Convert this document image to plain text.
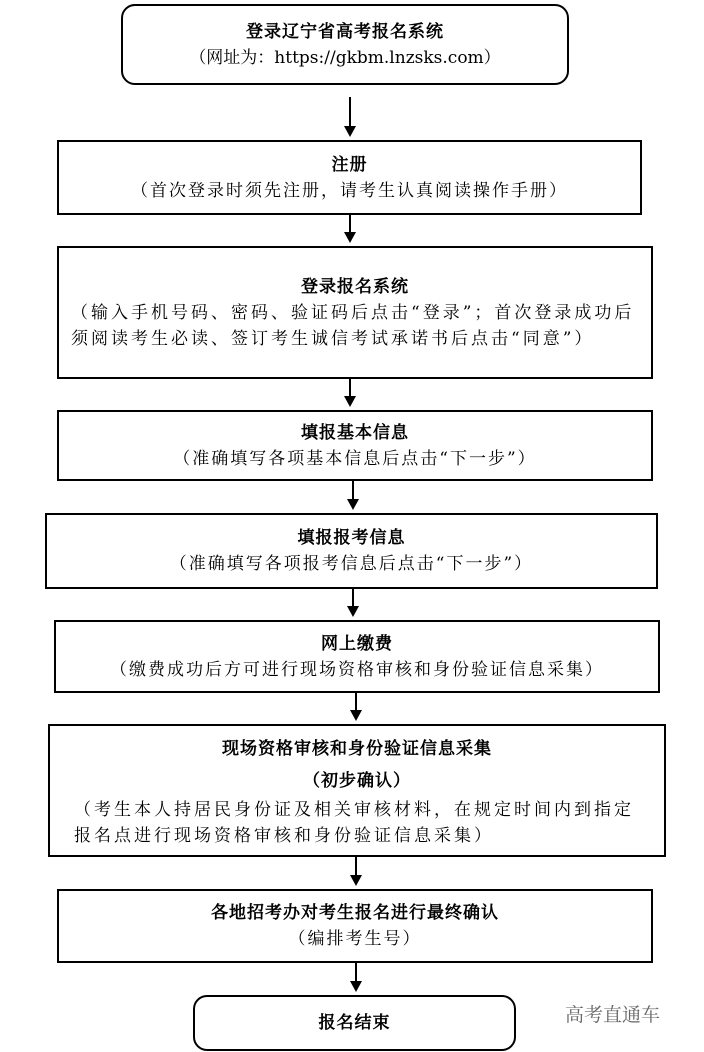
登录辽宁省高考报名系统
（网址为：https://gkbm.lnzsks.com）
注册
（首次登录时须先注册，请考生认真阅读操作手册）
登录报名系统
（输入手机号码、密码、验证码后点击“登录”；首次登录成功后须阅读考生必读、签订考生诚信考试承诺书后点击“同意”）
填报基本信息
（准确填写各项基本信息后点击“下一步”）
填报报考信息
（准确填写各项报考信息后点击“下一步”）
网上缴费
（缴费成功后方可进行现场资格审核和身份验证信息采集）
现场资格审核和身份验证信息采集
（初步确认）
（考生本人持居民身份证及相关审核材料，在规定时间内到指定报名点进行现场资格审核和身份验证信息采集）
各地招考办对考生报名进行最终确认
（编排考生号）
报名结束	高考直通车
